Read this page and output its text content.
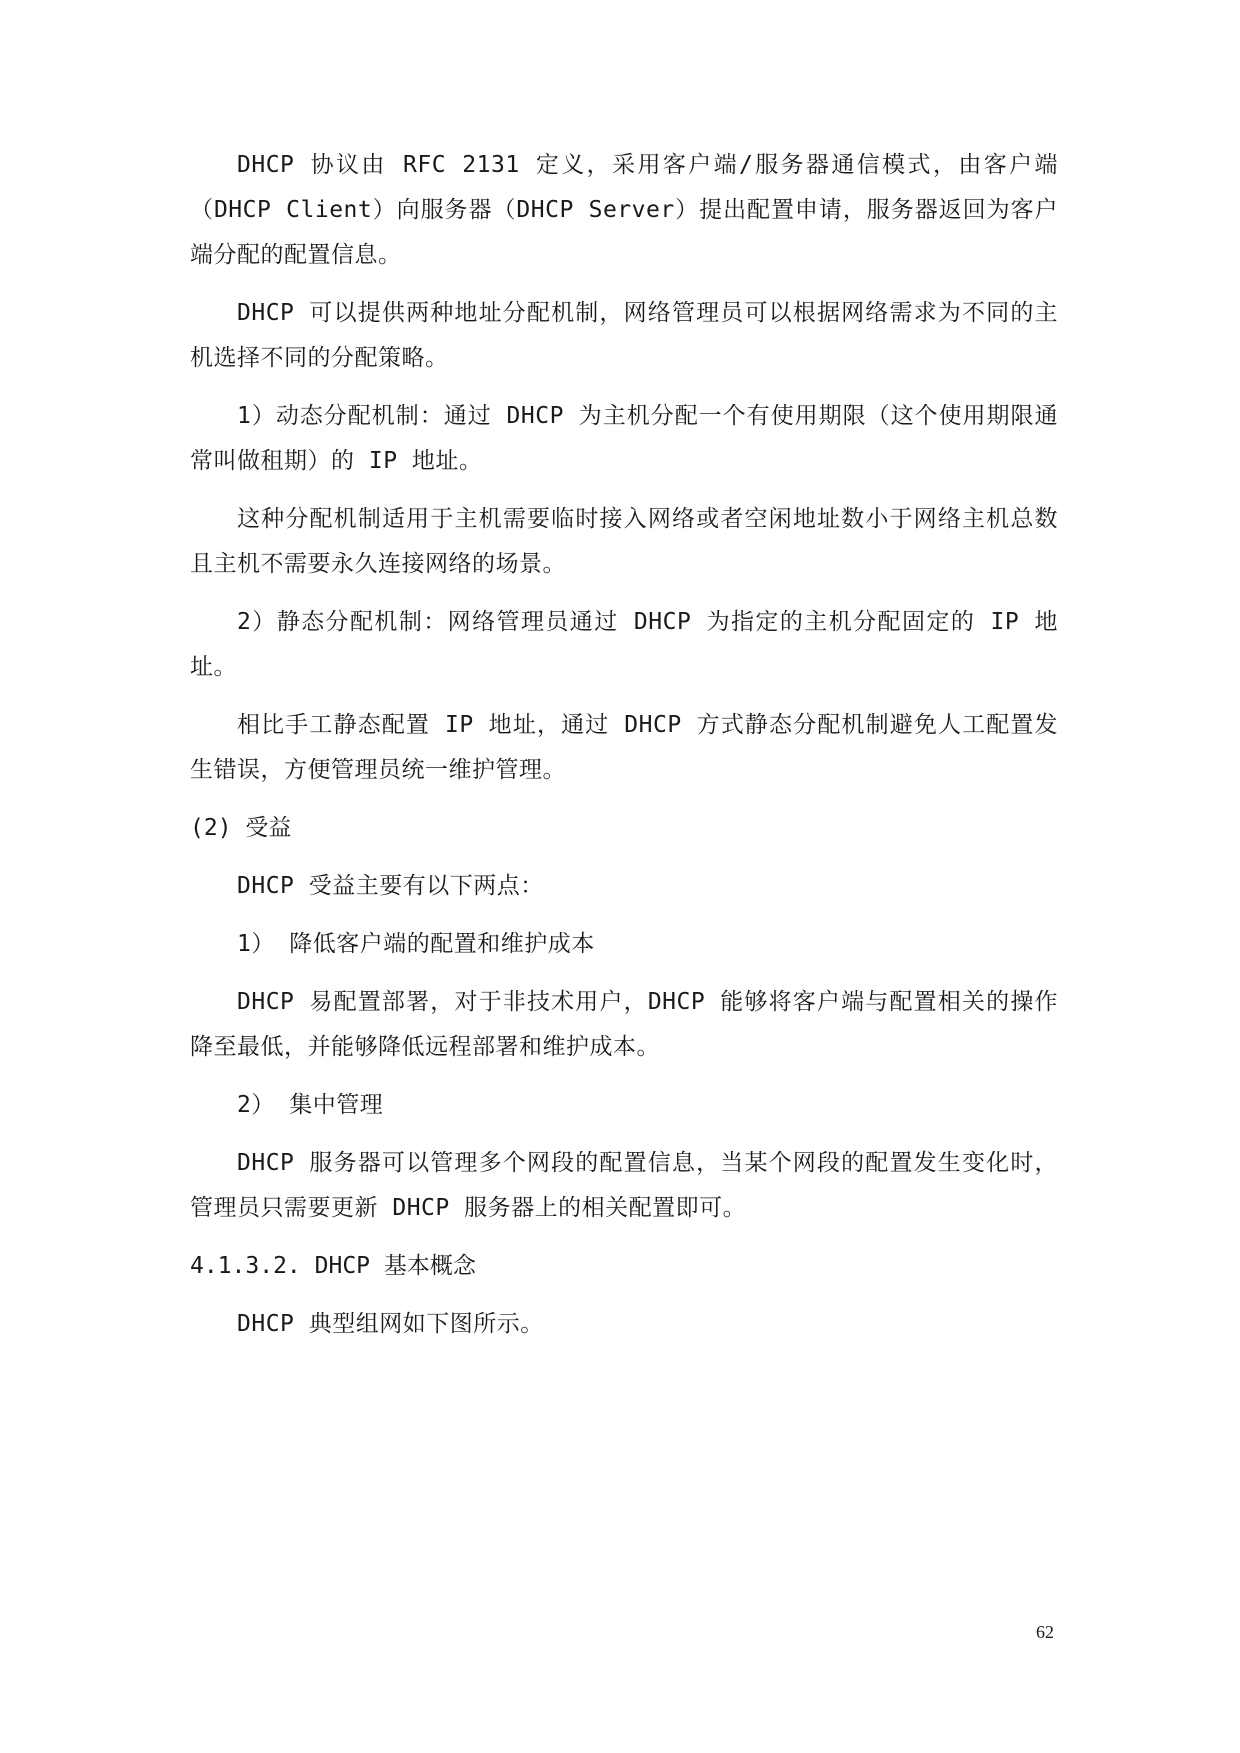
DHCP 协议由 RFC 2131 定义，采用客户端/服务器通信模式，由客户端（DHCP Client）向服务器（DHCP Server）提出配置申请，服务器返回为客户端分配的配置信息。

DHCP 可以提供两种地址分配机制，网络管理员可以根据网络需求为不同的主机选择不同的分配策略。

1）动态分配机制：通过 DHCP 为主机分配一个有使用期限（这个使用期限通常叫做租期）的 IP 地址。

这种分配机制适用于主机需要临时接入网络或者空闲地址数小于网络主机总数且主机不需要永久连接网络的场景。

2）静态分配机制：网络管理员通过 DHCP 为指定的主机分配固定的 IP 地址。

相比手工静态配置 IP 地址，通过 DHCP 方式静态分配机制避免人工配置发生错误，方便管理员统一维护管理。

(2) 受益

DHCP 受益主要有以下两点：

1） 降低客户端的配置和维护成本

DHCP 易配置部署，对于非技术用户，DHCP 能够将客户端与配置相关的操作降至最低，并能够降低远程部署和维护成本。

2） 集中管理

DHCP 服务器可以管理多个网段的配置信息，当某个网段的配置发生变化时，管理员只需要更新 DHCP 服务器上的相关配置即可。

4.1.3.2. DHCP 基本概念

DHCP 典型组网如下图所示。

62
